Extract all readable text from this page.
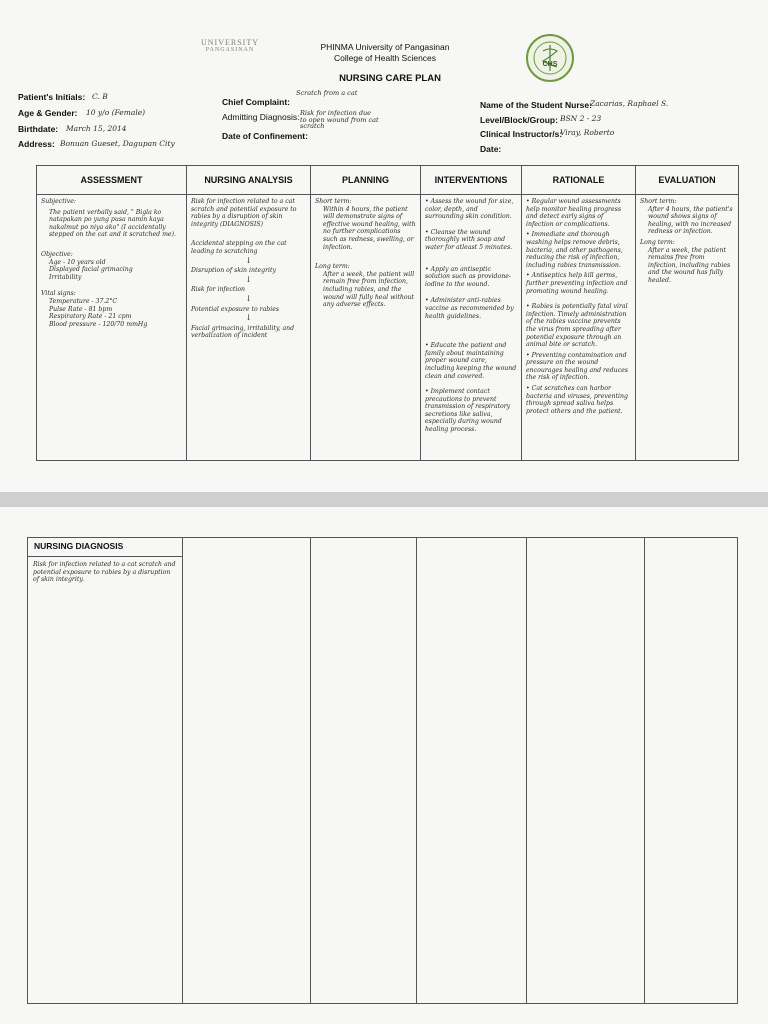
UNIVERSITY
PANGASINAN	PHINMA University of Pangasinan
College of Health Sciences
NURSING CARE PLAN
CHS
Patient's Initials: C. B
Age & Gender: 10 y/o (Female)
Birthdate: March 15, 2014
Address: Bonuan Gueset, Dagupan City
Scratch from a cat
Chief Complaint:
Admitting Diagnosis: Risk for infection due
to open wound from cat
scratch
Date of Confinement:
Name of the Student Nurse:
Zacarias, Raphael S.
Level/Block/Group: BSN 2 - 23
Clinical Instructor/s:
Viray, Roberto
Date:
ASSESSMENT

Subjective:

The patient verbally said, " Bigla ko natapakan po yung pusa namin kaya nakalmut po niya ako" (I accidentally stepped on the cat and it scratched me).

Objective:
Age - 10 years old
Displayed facial grimacing
Irritability
Vital signs:
Temperature - 37.2°C
Pulse Rate - 81 bpm
Respiratory Rate - 21 cpm
Blood pressure - 120/70 mmHg
NURSING ANALYSIS

Risk for infection related to a cat scratch and potential exposure to rabies by a disruption of skin integrity (DIAGNOSIS)

Accidental stepping on the cat leading to scratching
↓
Disruption of skin integrity
↓
Risk for infection
↓
Potential exposure to rabies
↓
Facial grimacing, irritability, and verbalization of incident
PLANNING
Short term:

Within 4 hours, the patient will demonstrate signs of effective wound healing, with no further complications such as redness, swelling, or infection.

Long term:

After a week, the patient will remain free from infection, including rabies, and the wound will fully heal without any adverse effects.

INTERVENTIONS

• Assess the wound for size, color, depth, and surrounding skin condition.

• Cleanse the wound thoroughly with soap and water for atleast 5 minutes.

• Apply an antiseptic solution such as providone-iodine to the wound.

• Administer anti-rabies vaccine as recommended by health guidelines.

• Educate the patient and family about maintaining proper wound care, including keeping the wound clean and covered.

• Implement contact precautions to prevent transmission of respiratory secretions like saliva, especially during wound healing process.

RATIONALE

• Regular wound assessments help monitor healing progress and detect early signs of infection or complications.

• Immediate and thorough washing helps remove debris, bacteria, and other pathogens, reducing the risk of infection, including rabies transmission.

• Antiseptics help kill germs, further preventing infection and promoting wound healing.

• Rabies is potentially fatal viral infection. Timely administration of the rabies vaccine prevents the virus from spreading after potential exposure through an animal bite or scratch.

• Preventing contamination and pressure on the wound encourages healing and reduces the risk of infection.

• Cat scratches can harbor bacteria and viruses, preventing through spread saliva helps protect others and the patient.

EVALUATION
Short term:

After 4 hours, the patient's wound shows signs of healing, with no increased redness or infection.

Long term:

After a week, the patient remains free from infection, including rabies and the wound has fully healed.

NURSING DIAGNOSIS
Risk for infection related to a cat scratch and potential exposure to rabies by a disruption of skin integrity.
